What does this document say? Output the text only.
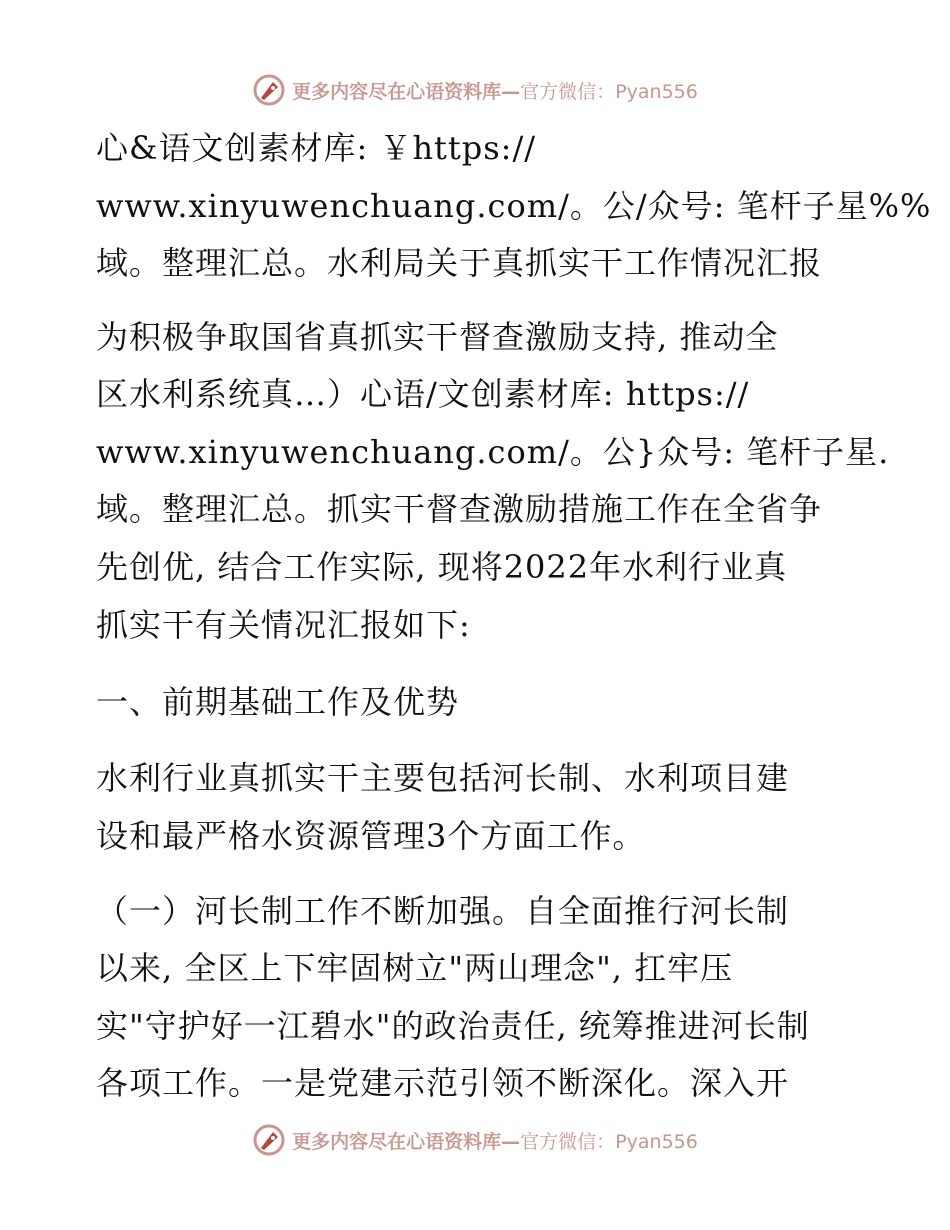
更多内容尽在心语资料库—官方微信：Pyan556
心&语文创素材库: ￥https://
www.xinyuwenchuang.com/。公/众号: 笔杆子星%%
域。整理汇总。水利局关于真抓实干工作情况汇报
为积极争取国省真抓实干督查激励支持, 推动全
区水利系统真…）心语/文创素材库: https://
www.xinyuwenchuang.com/。公}众号: 笔杆子星.
域。整理汇总。抓实干督查激励措施工作在全省争
先创优, 结合工作实际, 现将2022年水利行业真
抓实干有关情况汇报如下:
一、前期基础工作及优势
水利行业真抓实干主要包括河长制、水利项目建
设和最严格水资源管理3个方面工作。
（一）河长制工作不断加强。自全面推行河长制
以来, 全区上下牢固树立"两山理念", 扛牢压
实"守护好一江碧水"的政治责任, 统筹推进河长制
各项工作。一是党建示范引领不断深化。深入开
更多内容尽在心语资料库—官方微信：Pyan556
